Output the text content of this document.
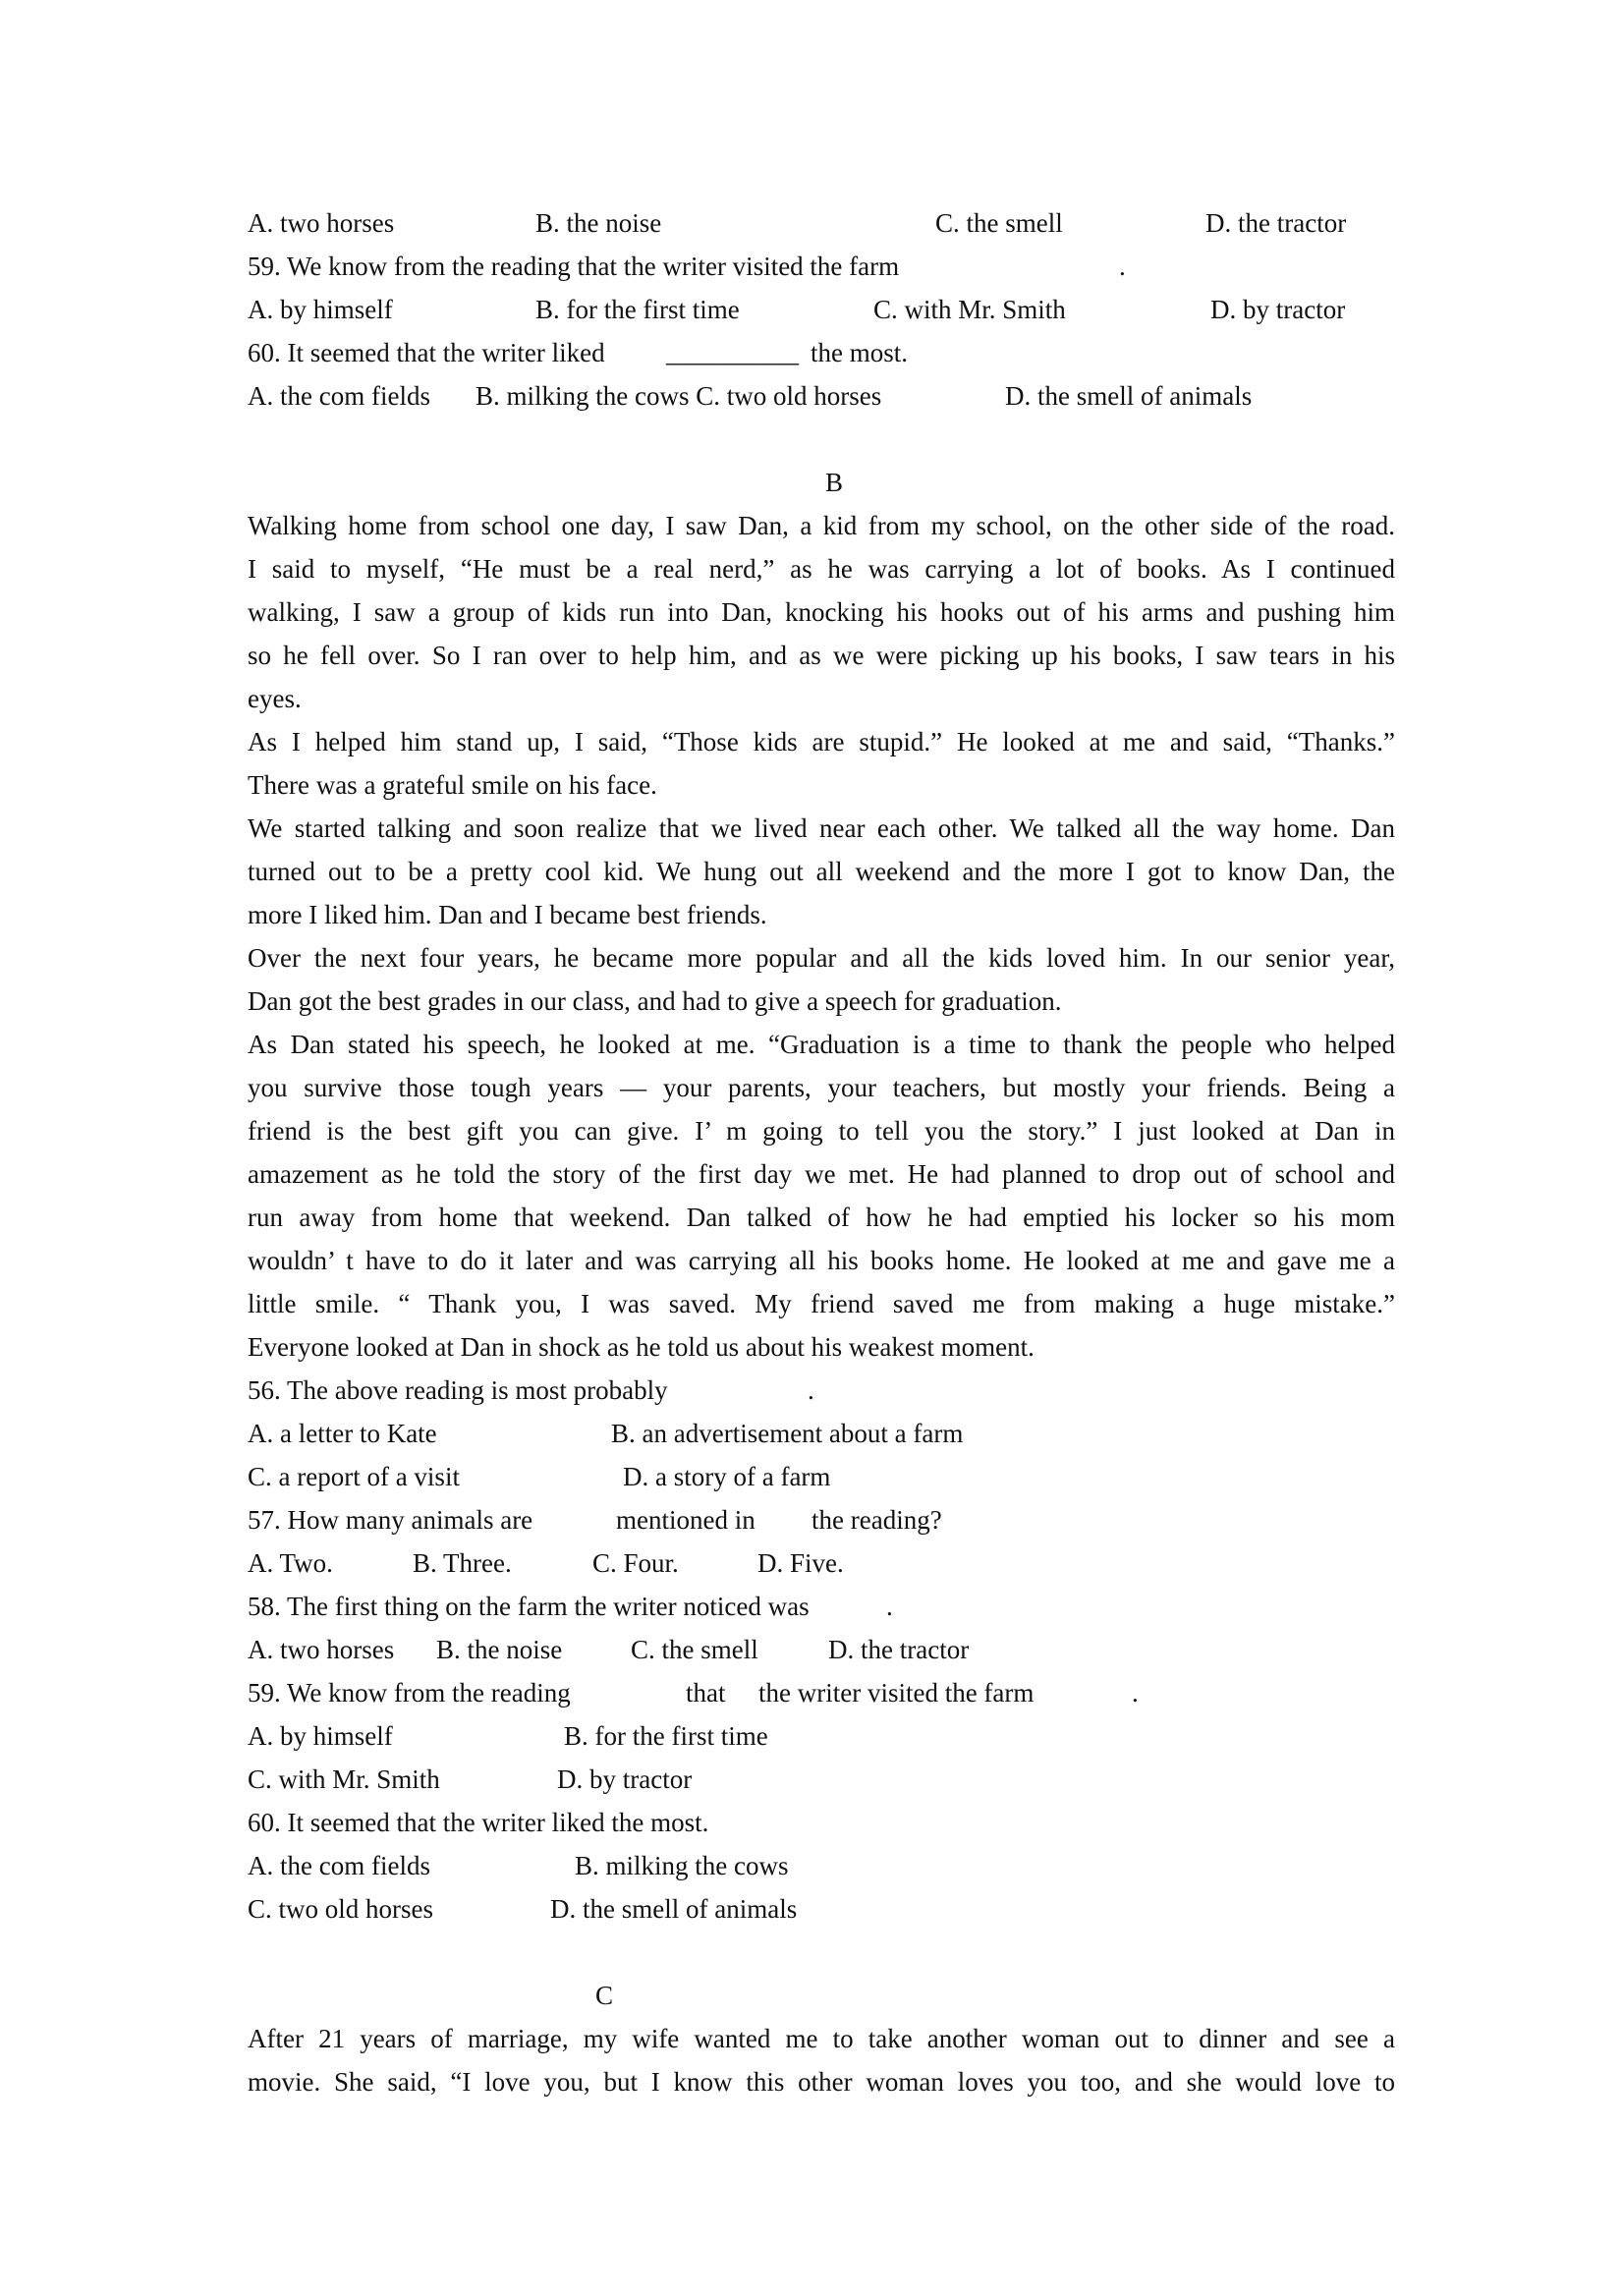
A. two horses	B. the noise	C. the smell	D. the tractor
59. We know from the reading that the writer visited the farm	.
A. by himself	B. for the first time	C. with Mr. Smith	D. by tractor
60. It seemed that the writer liked __________ the most.
A. the com fields B. milking the cows C. two old horses	D. the smell of animals
B
Walking home from school one day, I saw Dan, a kid from my school, on the other side of the road.
I said to myself, “He must be a real nerd,” as he was carrying a lot of books. As I continued
walking, I saw a group of kids run into Dan, knocking his hooks out of his arms and pushing him
so he fell over. So I ran over to help him, and as we were picking up his books, I saw tears in his
eyes.
As I helped him stand up, I said, “Those kids are stupid.” He looked at me and said, “Thanks.”
There was a grateful smile on his face.
We started talking and soon realize that we lived near each other. We talked all the way home. Dan
turned out to be a pretty cool kid. We hung out all weekend and the more I got to know Dan, the
more I liked him. Dan and I became best friends.
Over the next four years, he became more popular and all the kids loved him. In our senior year,
Dan got the best grades in our class, and had to give a speech for graduation.
As Dan stated his speech, he looked at me. “Graduation is a time to thank the people who helped
you survive those tough years — your parents, your teachers, but mostly your friends. Being a
friend is the best gift you can give. I’ m going to tell you the story.” I just looked at Dan in
amazement as he told the story of the first day we met. He had planned to drop out of school and
run away from home that weekend. Dan talked of how he had emptied his locker so his mom
wouldn’ t have to do it later and was carrying all his books home. He looked at me and gave me a
little smile. “ Thank you, I was saved. My friend saved me from making a huge mistake.”
Everyone looked at Dan in shock as he told us about his weakest moment.
56. The above reading is most probably	.
A. a letter to Kate	B. an advertisement about a farm
C. a report of a visit	D. a story of a farm
57. How many animals are	mentioned in the reading?
A. Two.	B. Three.	C. Four.	D. Five.
58. The first thing on the farm the writer noticed was	.
A. two horses B. the noise	C. the smell	D. the tractor
59. We know from the reading	that the writer visited the farm	.
A. by himself	B. for the first time
C. with Mr. Smith	D. by tractor
60. It seemed that the writer liked the most.
A. the com fields	B. milking the cows
C. two old horses	D. the smell of animals
C
After 21 years of marriage, my wife wanted me to take another woman out to dinner and see a
movie. She said, “I love you, but I know this other woman loves you too, and she would love to
